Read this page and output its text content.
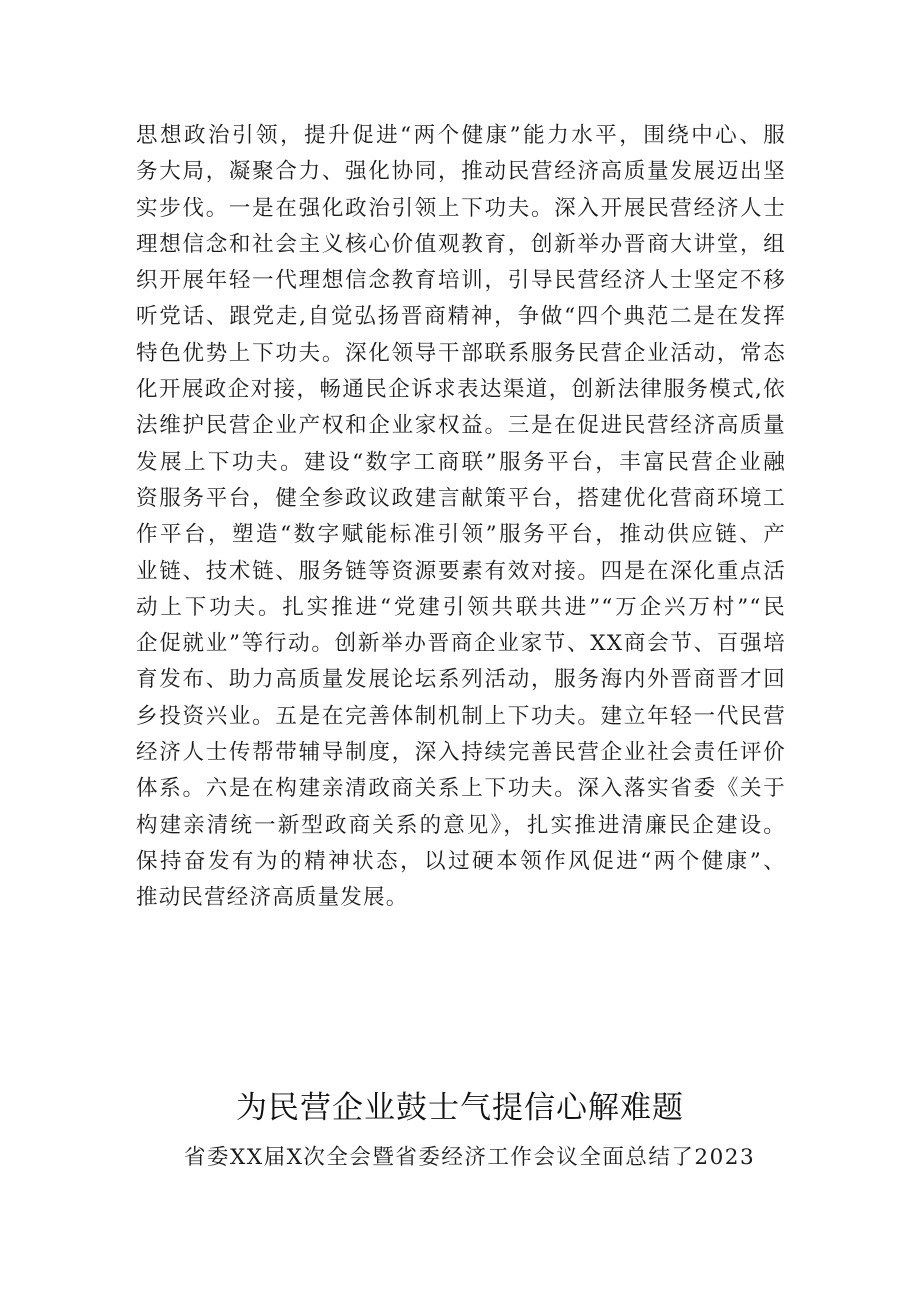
思想政治引领，提升促进“两个健康”能力水平，围绕中心、服
务大局，凝聚合力、强化协同，推动民营经济高质量发展迈出坚
实步伐。一是在强化政治引领上下功夫。深入开展民营经济人士
理想信念和社会主义核心价值观教育，创新举办晋商大讲堂，组
织开展年轻一代理想信念教育培训，引导民营经济人士坚定不移
听党话、跟党走,自觉弘扬晋商精神，争做“四个典范二是在发挥
特色优势上下功夫。深化领导干部联系服务民营企业活动，常态
化开展政企对接，畅通民企诉求表达渠道，创新法律服务模式,依
法维护民营企业产权和企业家权益。三是在促进民营经济高质量
发展上下功夫。建设“数字工商联”服务平台，丰富民营企业融
资服务平台，健全参政议政建言献策平台，搭建优化营商环境工
作平台，塑造“数字赋能标准引领”服务平台，推动供应链、产
业链、技术链、服务链等资源要素有效对接。四是在深化重点活
动上下功夫。扎实推进“党建引领共联共进”“万企兴万村”“民
企促就业”等行动。创新举办晋商企业家节、XX商会节、百强培
育发布、助力高质量发展论坛系列活动，服务海内外晋商晋才回
乡投资兴业。五是在完善体制机制上下功夫。建立年轻一代民营
经济人士传帮带辅导制度，深入持续完善民营企业社会责任评价
体系。六是在构建亲清政商关系上下功夫。深入落实省委《关于
构建亲清统一新型政商关系的意见》，扎实推进清廉民企建设。
保持奋发有为的精神状态，以过硬本领作风促进“两个健康”、
推动民营经济高质量发展。
为民营企业鼓士气提信心解难题

省委XX届X次全会暨省委经济工作会议全面总结了2023
